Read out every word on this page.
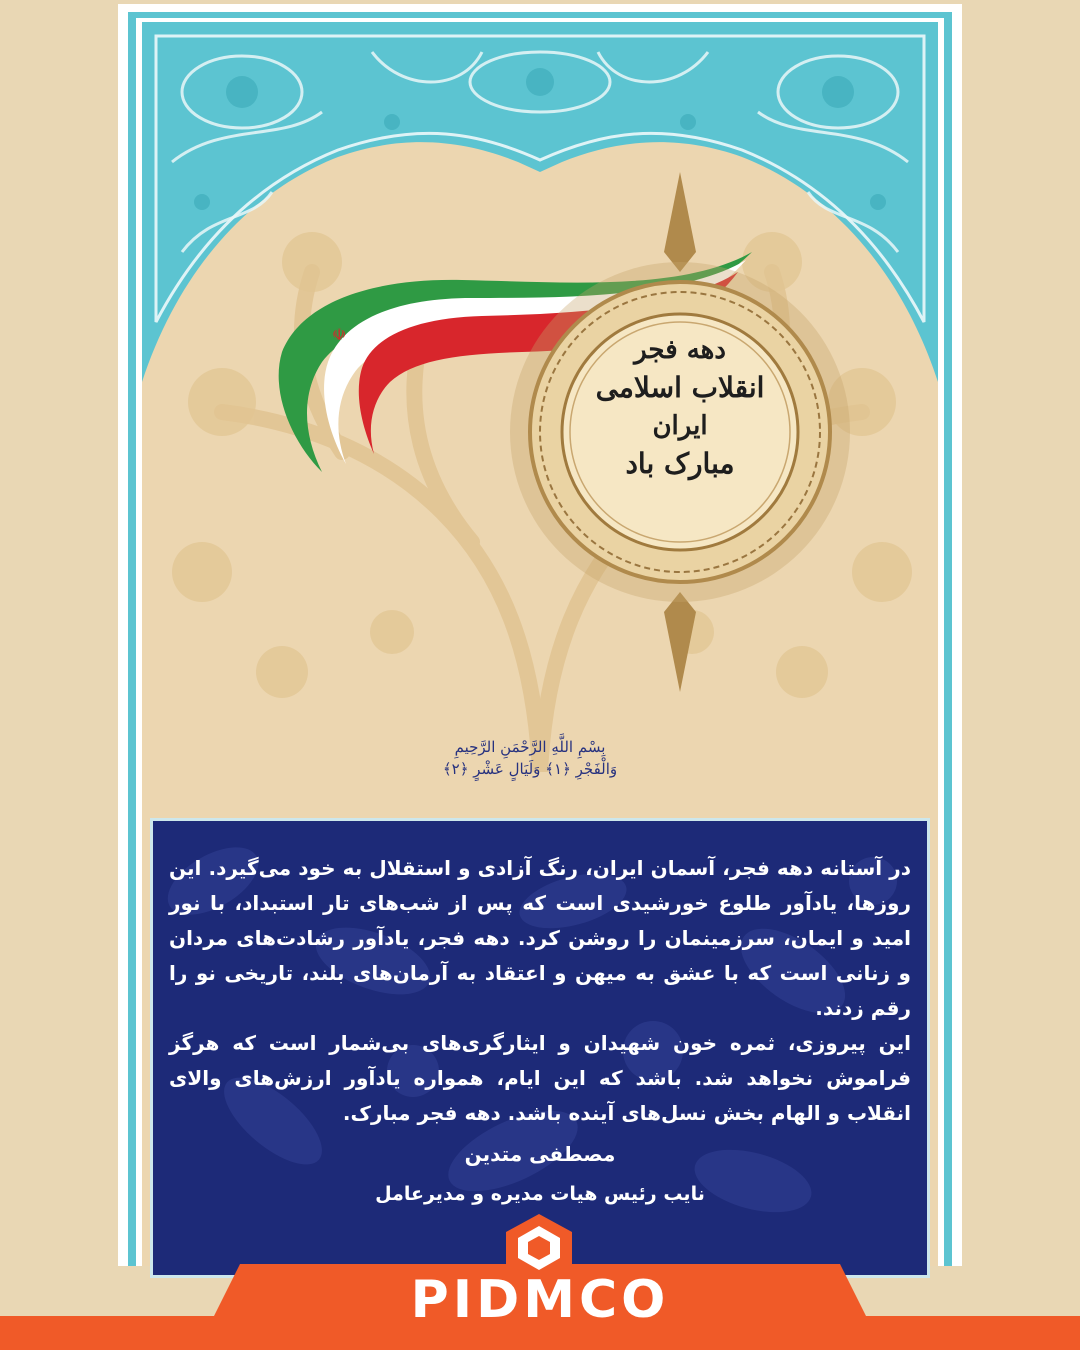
☫
دهه فجر
انقلاب اسلامی
ایران
مبارک باد
بِسْمِ اللَّهِ الرَّحْمَنِ الرَّحِيمِ
وَالْفَجْرِ ﴿١﴾ وَلَيَالٍ عَشْرٍ ﴿٢﴾

در آستانه دهه فجر، آسمان ایران، رنگ آزادی و استقلال به خود می‌گیرد. این روزها، یادآور طلوع خورشیدی است که پس از شب‌های تار استبداد، با نور امید و ایمان، سرزمینمان را روشن کرد. دهه فجر، یادآور رشادت‌های مردان و زنانی است که با عشق به میهن و اعتقاد به آرمان‌های بلند، تاریخی نو را رقم زدند.

این پیروزی، ثمره خون شهیدان و ایثارگری‌های بی‌شمار است که هرگز فراموش نخواهد شد. باشد که این ایام، همواره یادآور ارزش‌های والای انقلاب و الهام بخش نسل‌های آینده باشد. دهه فجر مبارک.

مصطفی متدین
نایب رئیس هیات مدیره و مدیرعامل
PIDMCO
